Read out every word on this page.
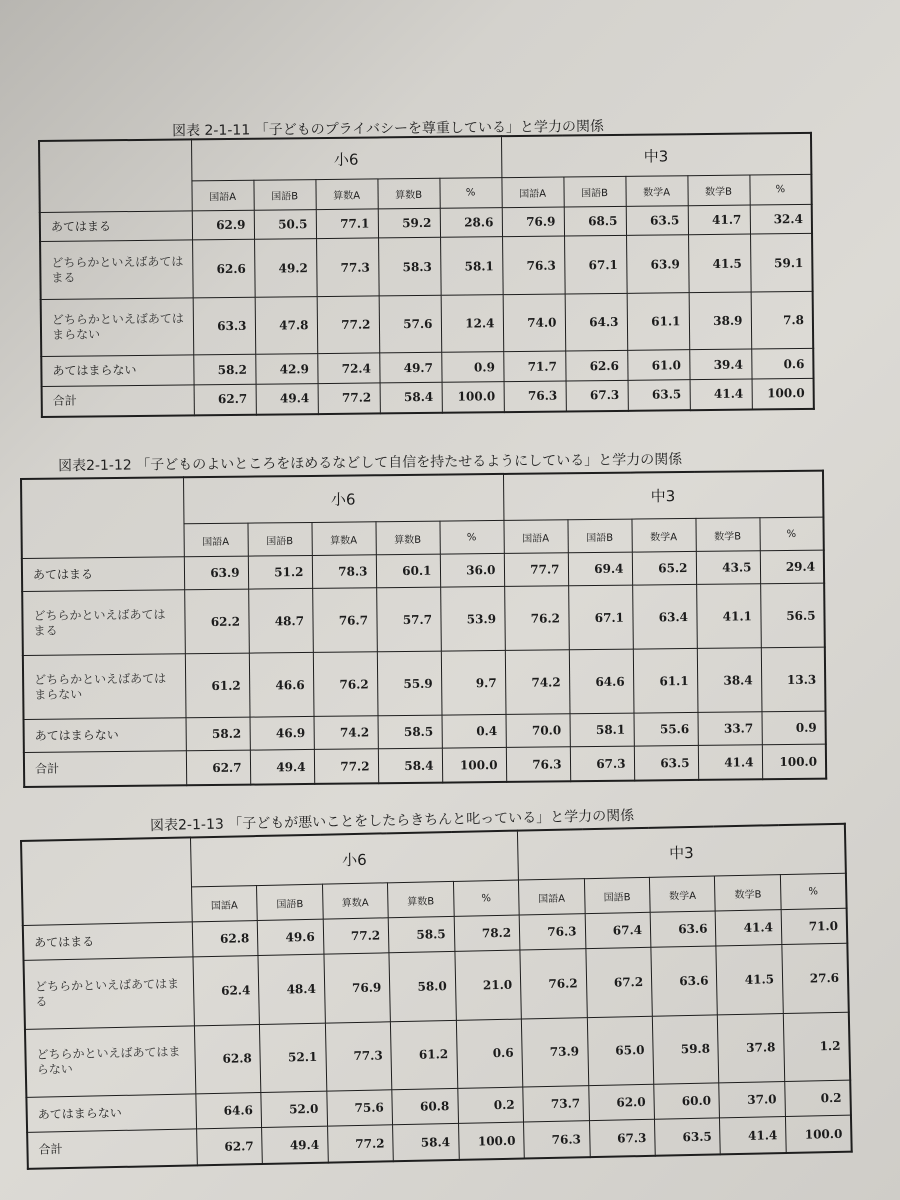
図表 2-1-11 「子どものプライバシーを尊重している」と学力の関係
	小6					中3				
	国語A	国語B	算数A	算数B	%	国語A	国語B	数学A	数学B	%
あてはまる	62.9	50.5	77.1	59.2	28.6	76.9	68.5	63.5	41.7	32.4
どちらかといえばあてはまる	62.6	49.2	77.3	58.3	58.1	76.3	67.1	63.9	41.5	59.1
どちらかといえばあてはまらない	63.3	47.8	77.2	57.6	12.4	74.0	64.3	61.1	38.9	7.8
あてはまらない	58.2	42.9	72.4	49.7	0.9	71.7	62.6	61.0	39.4	0.6
合計	62.7	49.4	77.2	58.4	100.0	76.3	67.3	63.5	41.4	100.0
図表2-1-12 「子どものよいところをほめるなどして自信を持たせるようにしている」と学力の関係
	小6					中3				
	国語A	国語B	算数A	算数B	%	国語A	国語B	数学A	数学B	%
あてはまる	63.9	51.2	78.3	60.1	36.0	77.7	69.4	65.2	43.5	29.4
どちらかといえばあてはまる	62.2	48.7	76.7	57.7	53.9	76.2	67.1	63.4	41.1	56.5
どちらかといえばあてはまらない	61.2	46.6	76.2	55.9	9.7	74.2	64.6	61.1	38.4	13.3
あてはまらない	58.2	46.9	74.2	58.5	0.4	70.0	58.1	55.6	33.7	0.9
合計	62.7	49.4	77.2	58.4	100.0	76.3	67.3	63.5	41.4	100.0
図表2-1-13 「子どもが悪いことをしたらきちんと叱っている」と学力の関係
	小6					中3				
	国語A	国語B	算数A	算数B	%	国語A	国語B	数学A	数学B	%
あてはまる	62.8	49.6	77.2	58.5	78.2	76.3	67.4	63.6	41.4	71.0
どちらかといえばあてはまる	62.4	48.4	76.9	58.0	21.0	76.2	67.2	63.6	41.5	27.6
どちらかといえばあてはまらない	62.8	52.1	77.3	61.2	0.6	73.9	65.0	59.8	37.8	1.2
あてはまらない	64.6	52.0	75.6	60.8	0.2	73.7	62.0	60.0	37.0	0.2
合計	62.7	49.4	77.2	58.4	100.0	76.3	67.3	63.5	41.4	100.0
